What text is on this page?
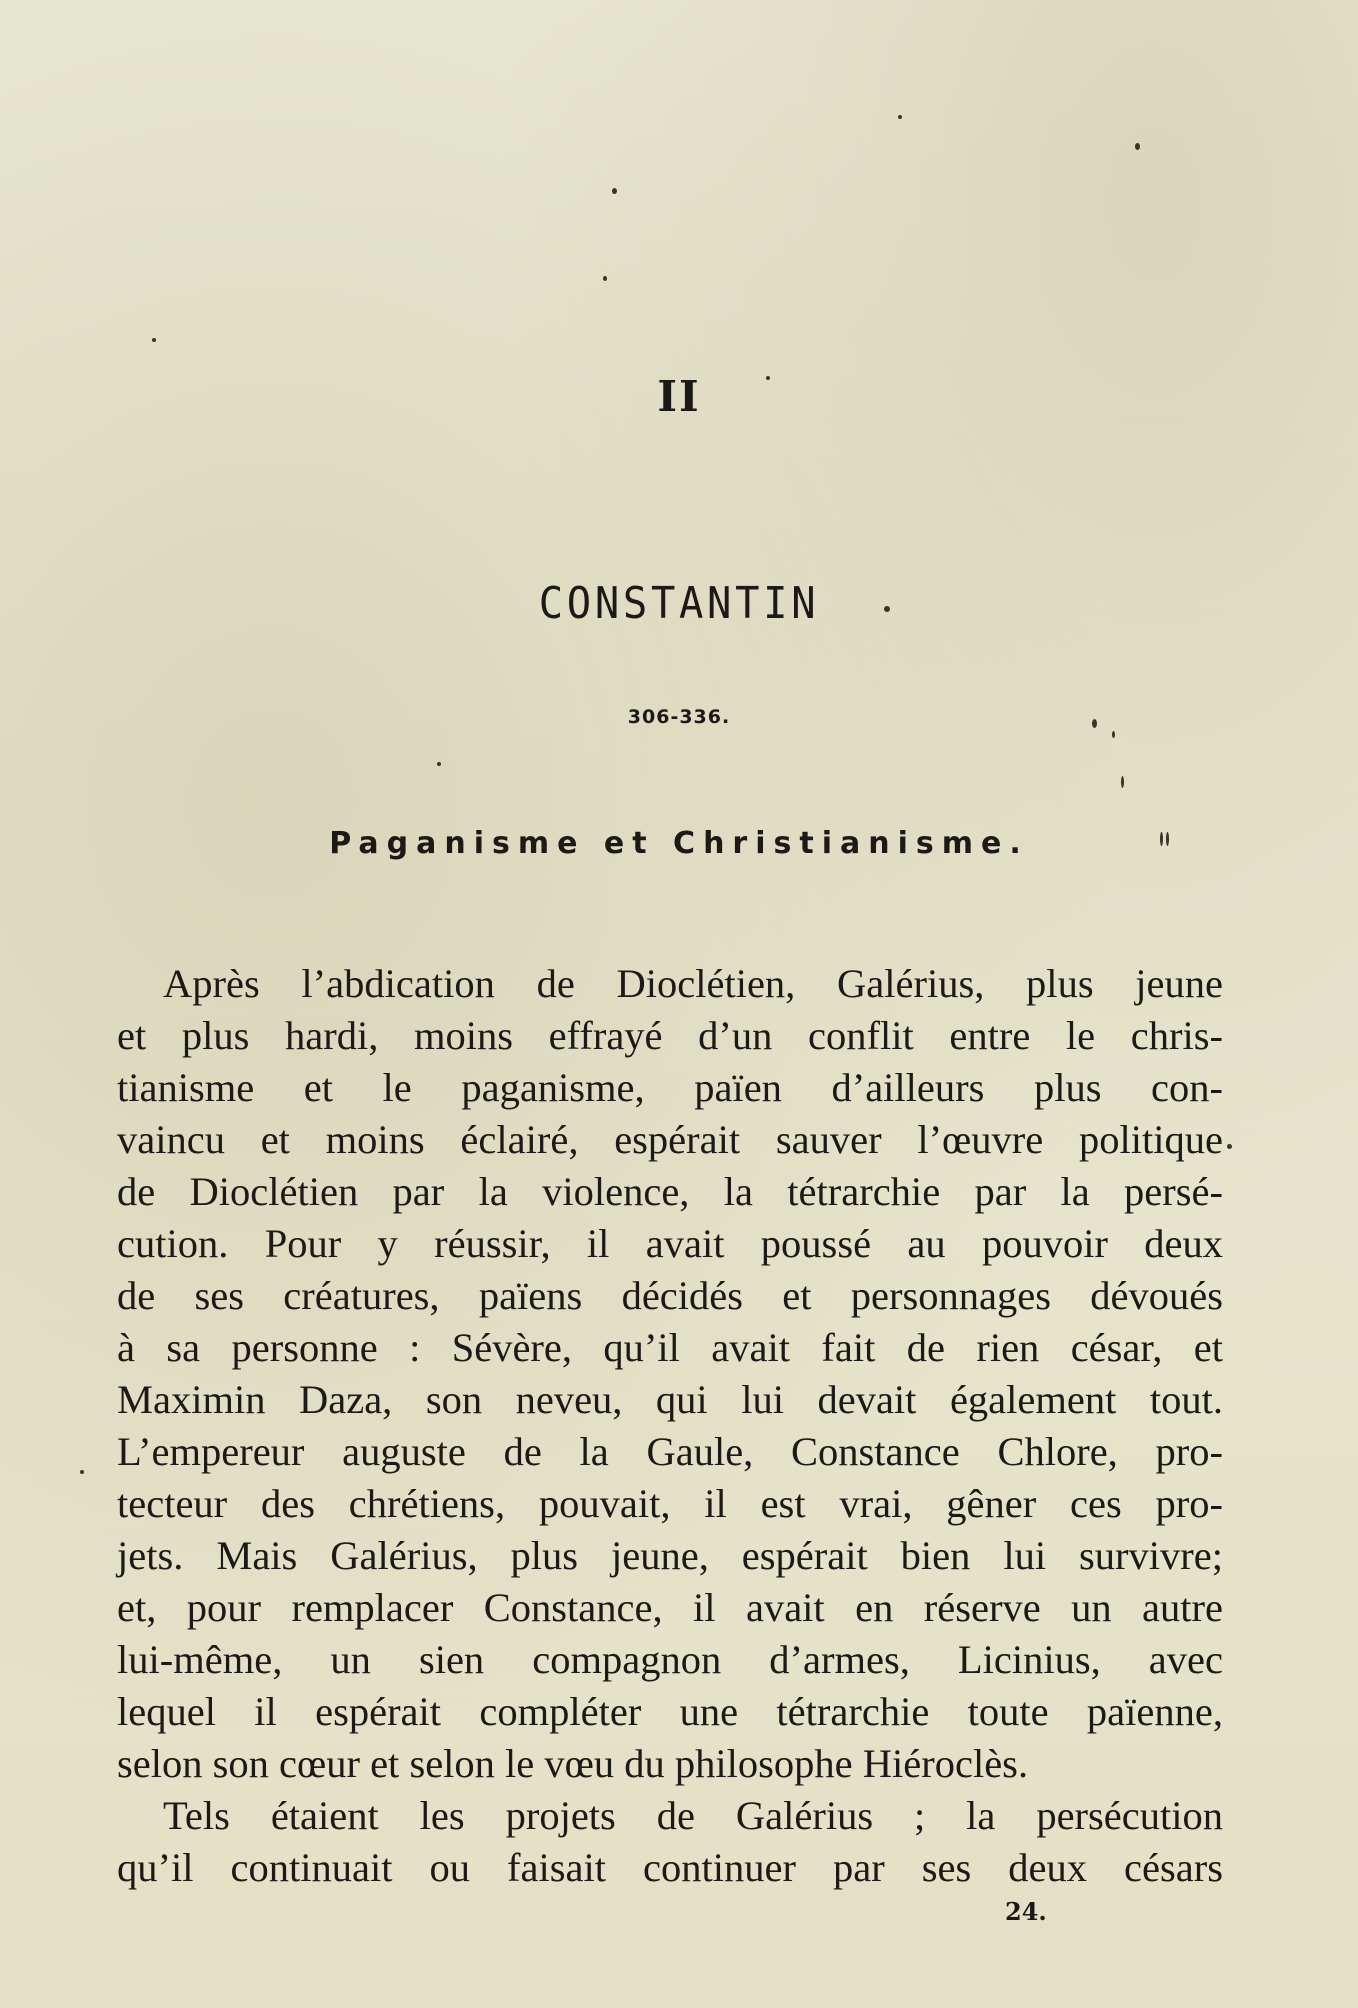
II
CONSTANTIN
306-336.
Paganisme et Christianisme.
Après l’abdication de Dioclétien, Galérius, plus jeune
et plus hardi, moins effrayé d’un conflit entre le chris-
tianisme et le paganisme, païen d’ailleurs plus con-
vaincu et moins éclairé, espérait sauver l’œuvre politique
de Dioclétien par la violence, la tétrarchie par la persé-
cution. Pour y réussir, il avait poussé au pouvoir deux
de ses créatures, païens décidés et personnages dévoués
à sa personne : Sévère, qu’il avait fait de rien césar, et
Maximin Daza, son neveu, qui lui devait également tout.
L’empereur auguste de la Gaule, Constance Chlore, pro-
tecteur des chrétiens, pouvait, il est vrai, gêner ces pro-
jets. Mais Galérius, plus jeune, espérait bien lui survivre;
et, pour remplacer Constance, il avait en réserve un autre
lui-même, un sien compagnon d’armes, Licinius, avec
lequel il espérait compléter une tétrarchie toute païenne,
selon son cœur et selon le vœu du philosophe Hiéroclès.
Tels étaient les projets de Galérius ; la persécution
qu’il continuait ou faisait continuer par ses deux césars
24.
